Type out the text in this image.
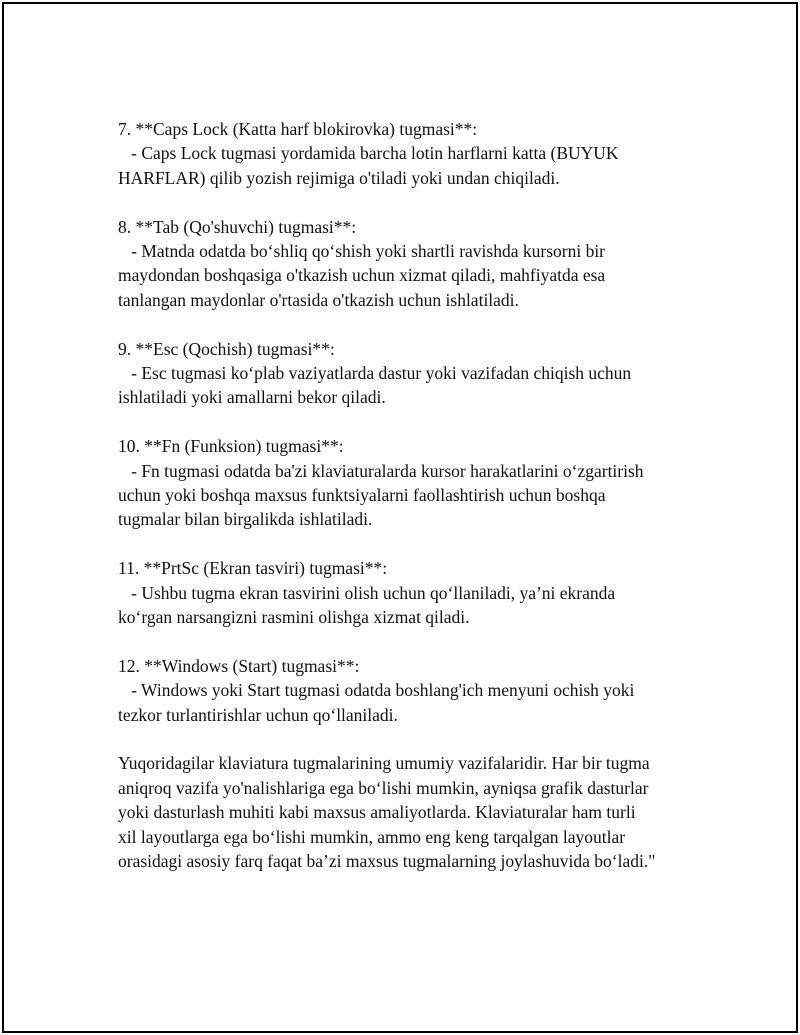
7. **Caps Lock (Katta harf blokirovka) tugmasi**:
- Caps Lock tugmasi yordamida barcha lotin harflarni katta (BUYUK
HARFLAR) qilib yozish rejimiga o'tiladi yoki undan chiqiladi.
8. **Tab (Qo'shuvchi) tugmasi**:
- Matnda odatda bo‘shliq qo‘shish yoki shartli ravishda kursorni bir
maydondan boshqasiga o'tkazish uchun xizmat qiladi, mahfiyatda esa
tanlangan maydonlar o'rtasida o'tkazish uchun ishlatiladi.
9. **Esc (Qochish) tugmasi**:
- Esc tugmasi ko‘plab vaziyatlarda dastur yoki vazifadan chiqish uchun
ishlatiladi yoki amallarni bekor qiladi.
10. **Fn (Funksion) tugmasi**:
- Fn tugmasi odatda ba'zi klaviaturalarda kursor harakatlarini o‘zgartirish
uchun yoki boshqa maxsus funktsiyalarni faollashtirish uchun boshqa
tugmalar bilan birgalikda ishlatiladi.
11. **PrtSc (Ekran tasviri) tugmasi**:
- Ushbu tugma ekran tasvirini olish uchun qo‘llaniladi, ya’ni ekranda
ko‘rgan narsangizni rasmini olishga xizmat qiladi.
12. **Windows (Start) tugmasi**:
- Windows yoki Start tugmasi odatda boshlang'ich menyuni ochish yoki
tezkor turlantirishlar uchun qo‘llaniladi.
Yuqoridagilar klaviatura tugmalarining umumiy vazifalaridir. Har bir tugma
aniqroq vazifa yo'nalishlariga ega bo‘lishi mumkin, ayniqsa grafik dasturlar
yoki dasturlash muhiti kabi maxsus amaliyotlarda. Klaviaturalar ham turli
xil layoutlarga ega bo‘lishi mumkin, ammo eng keng tarqalgan layoutlar
orasidagi asosiy farq faqat ba’zi maxsus tugmalarning joylashuvida bo‘ladi."
